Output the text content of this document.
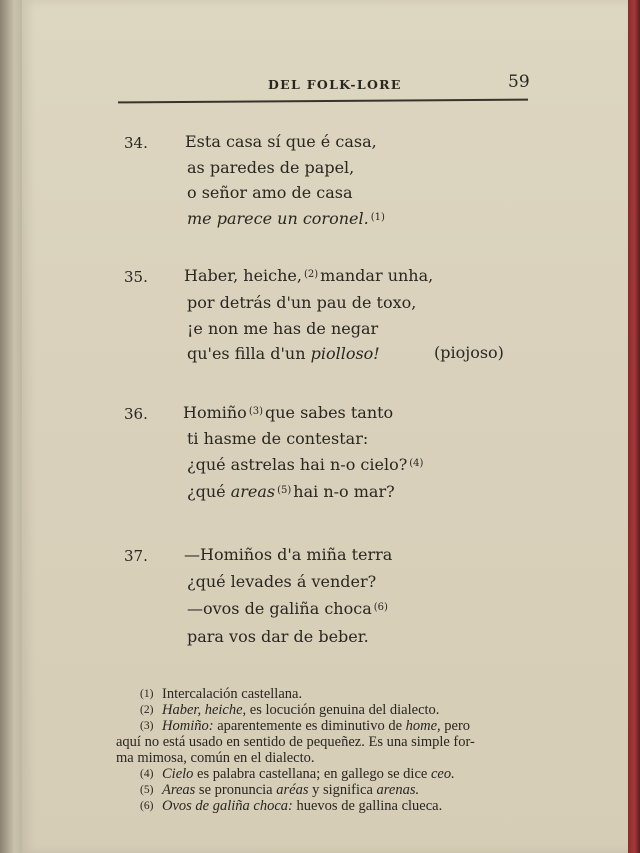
DEL FOLK-LORE	59
34. Esta casa sí que é casa,
as paredes de papel,
o señor amo de casa
me parece un coronel. $^{(1)}$
35. Haber, heiche, $^{(2)}$ mandar unha,
por detrás d'un pau de toxo,
¡e non me has de negar
qu'es filla d'un piolloso!	(piojoso)
36. Homiño $^{(3)}$ que sabes tanto
ti hasme de contestar:
¿qué astrelas hai n-o cielo? $^{(4)}$
¿qué areas $^{(5)}$ hai n-o mar?
37. —Homiños d'a miña terra
¿qué levades á vender?
—ovos de galiña choca $^{(6)}$
para vos dar de beber.
(1) Intercalación castellana.
(2) Haber, heiche, es locución genuina del dialecto.
(3) Homiño: aparentemente es diminutivo de home, pero
aquí no está usado en sentido de pequeñez. Es una simple for-
ma mimosa, común en el dialecto.
(4) Cielo es palabra castellana; en gallego se dice ceo.
(5) Areas se pronuncia aréas y significa arenas.
(6) Ovos de galiña choca: huevos de gallina clueca.
